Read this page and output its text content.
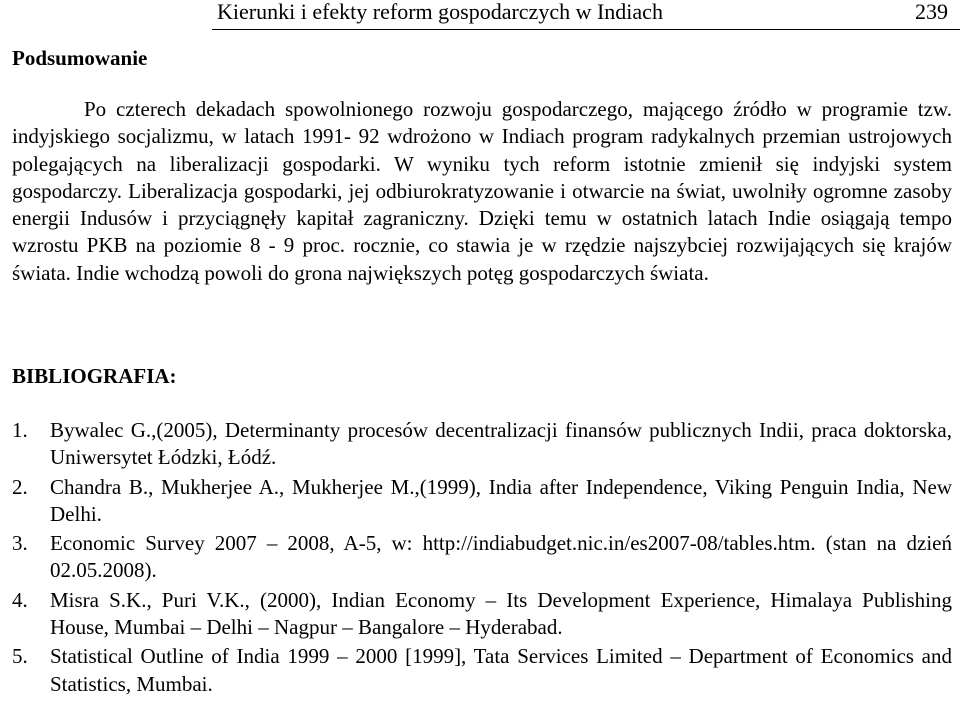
Kierunki i efekty reform gospodarczych w Indiach	239
Podsumowanie

Po czterech dekadach spowolnionego rozwoju gospodarczego, mającego źródło w programie tzw. indyjskiego socjalizmu, w latach 1991- 92 wdrożono w Indiach program radykalnych przemian ustrojowych polegających na liberalizacji gospodarki. W wyniku tych reform istotnie zmienił się indyjski system gospodarczy. Liberalizacja gospodarki, jej odbiurokratyzowanie i otwarcie na świat, uwolniły ogromne zasoby energii Indusów i przyciągnęły kapitał zagraniczny. Dzięki temu w ostatnich latach Indie osiągają tempo wzrostu PKB na poziomie 8 - 9 proc. rocznie, co stawia je w rzędzie najszybciej rozwijających się krajów świata. Indie wchodzą powoli do grona największych potęg gospodarczych świata.

BIBLIOGRAFIA:
1. Bywalec G.,(2005), Determinanty procesów decentralizacji finansów publicznych Indii, praca doktorska, Uniwersytet Łódzki, Łódź.
2. Chandra B., Mukherjee A., Mukherjee M.,(1999), India after Independence, Viking Penguin India, New Delhi.
3. Economic Survey 2007 – 2008, A-5, w: http://indiabudget.nic.in/es2007-08/tables.htm. (stan na dzień 02.05.2008).
4. Misra S.K., Puri V.K., (2000), Indian Economy – Its Development Experience, Himalaya Publishing House, Mumbai – Delhi – Nagpur – Bangalore – Hyderabad.
5. Statistical Outline of India 1999 – 2000 [1999], Tata Services Limited – Department of Economics and Statistics, Mumbai.
